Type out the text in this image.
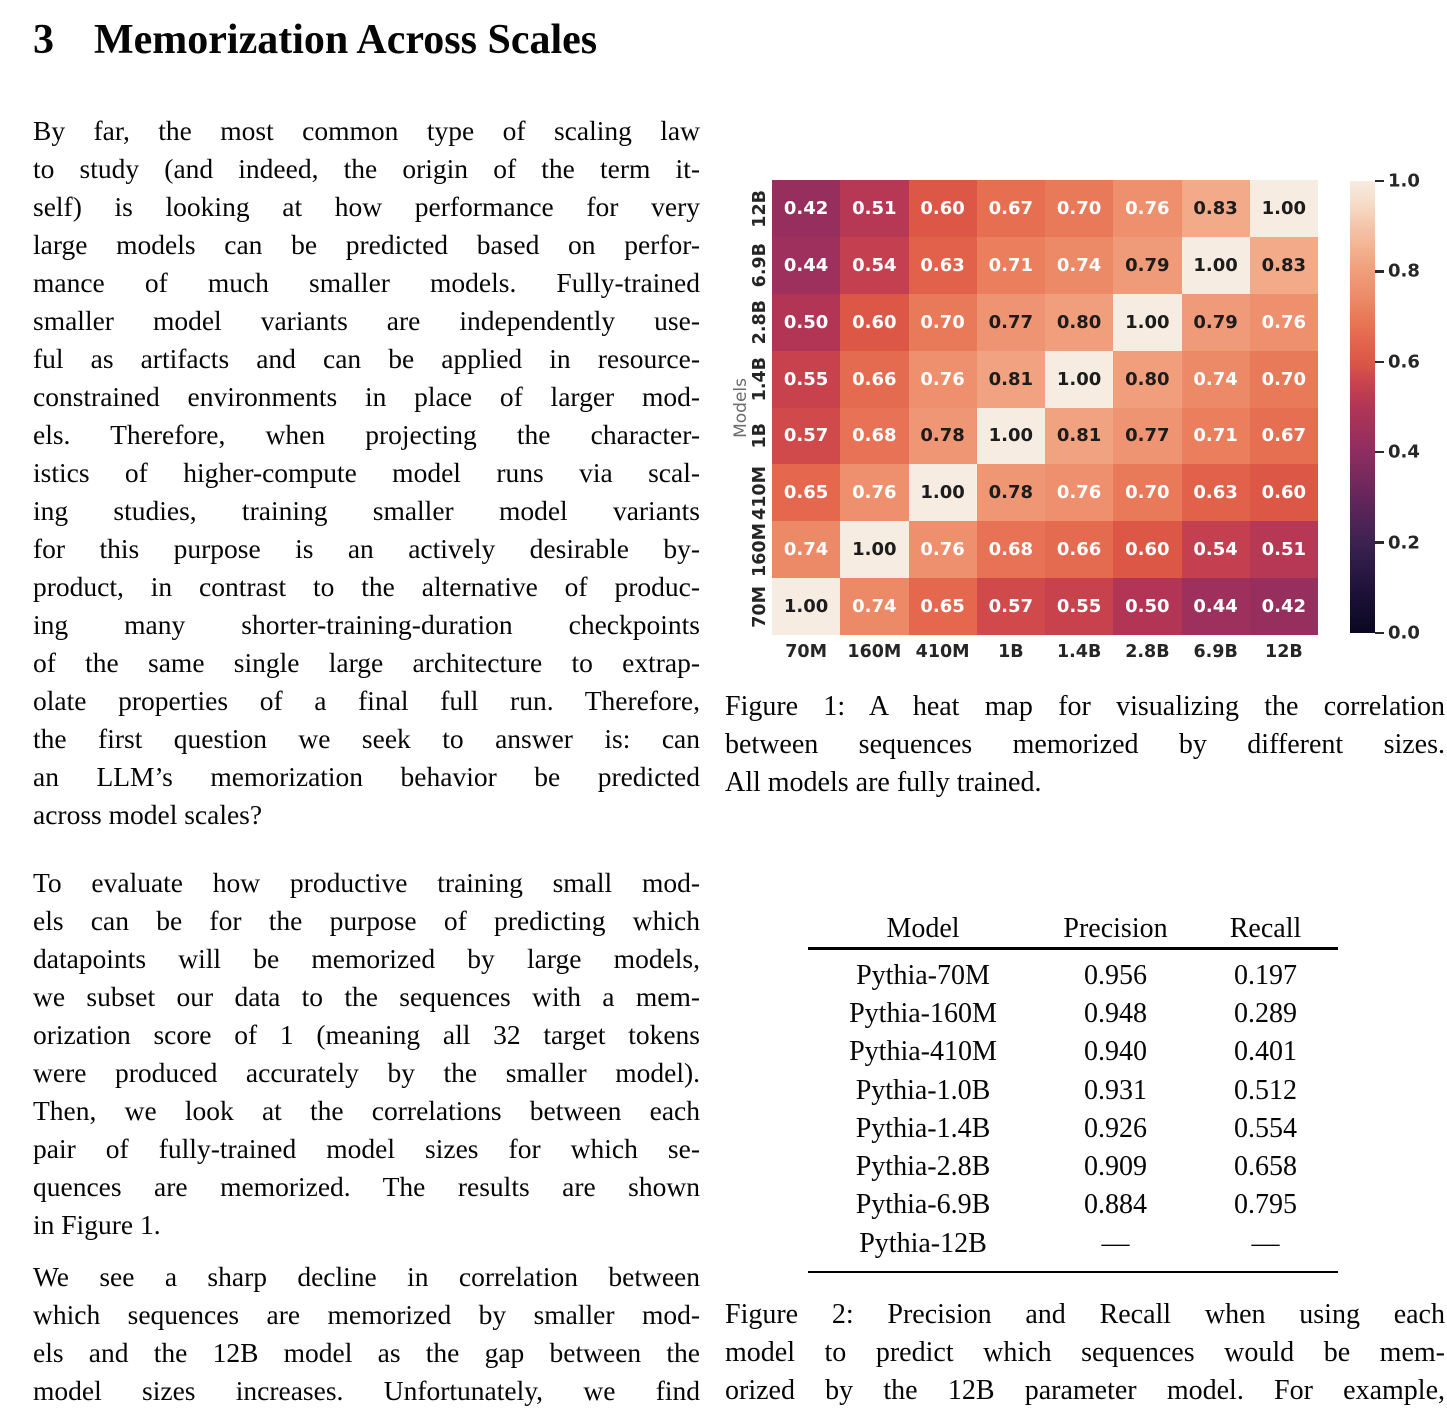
3 Memorization Across Scales
By far, the most common type of scaling law
to study (and indeed, the origin of the term it-
self) is looking at how performance for very
large models can be predicted based on perfor-
mance of much smaller models. Fully-trained
smaller model variants are independently use-
ful as artifacts and can be applied in resource-
constrained environments in place of larger mod-
els. Therefore, when projecting the character-
istics of higher-compute model runs via scal-
ing studies, training smaller model variants
for this purpose is an actively desirable by-
product, in contrast to the alternative of produc-
ing many shorter-training-duration checkpoints
of the same single large architecture to extrap-
olate properties of a final full run. Therefore,
the first question we seek to answer is: can
an LLM’s memorization behavior be predicted
across model scales?
To evaluate how productive training small mod-
els can be for the purpose of predicting which
datapoints will be memorized by large models,
we subset our data to the sequences with a mem-
orization score of 1 (meaning all 32 target tokens
were produced accurately by the smaller model).
Then, we look at the correlations between each
pair of fully-trained model sizes for which se-
quences are memorized. The results are shown
in Figure 1.
We see a sharp decline in correlation between
which sequences are memorized by smaller mod-
els and the 12B model as the gap between the
model sizes increases. Unfortunately, we find
Models
12B
6.9B
2.8B
1.4B
1B
410M
160M
70M
0.42	0.51	0.60	0.67	0.70	0.76	0.83	1.00
0.44	0.54	0.63	0.71	0.74	0.79	1.00	0.83
0.50	0.60	0.70	0.77	0.80	1.00	0.79	0.76
0.55	0.66	0.76	0.81	1.00	0.80	0.74	0.70
0.57	0.68	0.78	1.00	0.81	0.77	0.71	0.67
0.65	0.76	1.00	0.78	0.76	0.70	0.63	0.60
0.74	1.00	0.76	0.68	0.66	0.60	0.54	0.51
1.00	0.74	0.65	0.57	0.55	0.50	0.44	0.42
70M	160M 410M	1B	1.4B	2.8B	6.9B	12B
1.0
0.8
0.6
0.4
0.2
0.0
Figure 1: A heat map for visualizing the correlation
between sequences memorized by different sizes.
All models are fully trained.
Model	Precision	Recall
Pythia-70M	0.956	0.197
Pythia-160M	0.948	0.289
Pythia-410M	0.940	0.401
Pythia-1.0B	0.931	0.512
Pythia-1.4B	0.926	0.554
Pythia-2.8B	0.909	0.658
Pythia-6.9B	0.884	0.795
Pythia-12B	—	—
Figure 2: Precision and Recall when using each
model to predict which sequences would be mem-
orized by the 12B parameter model. For example,
